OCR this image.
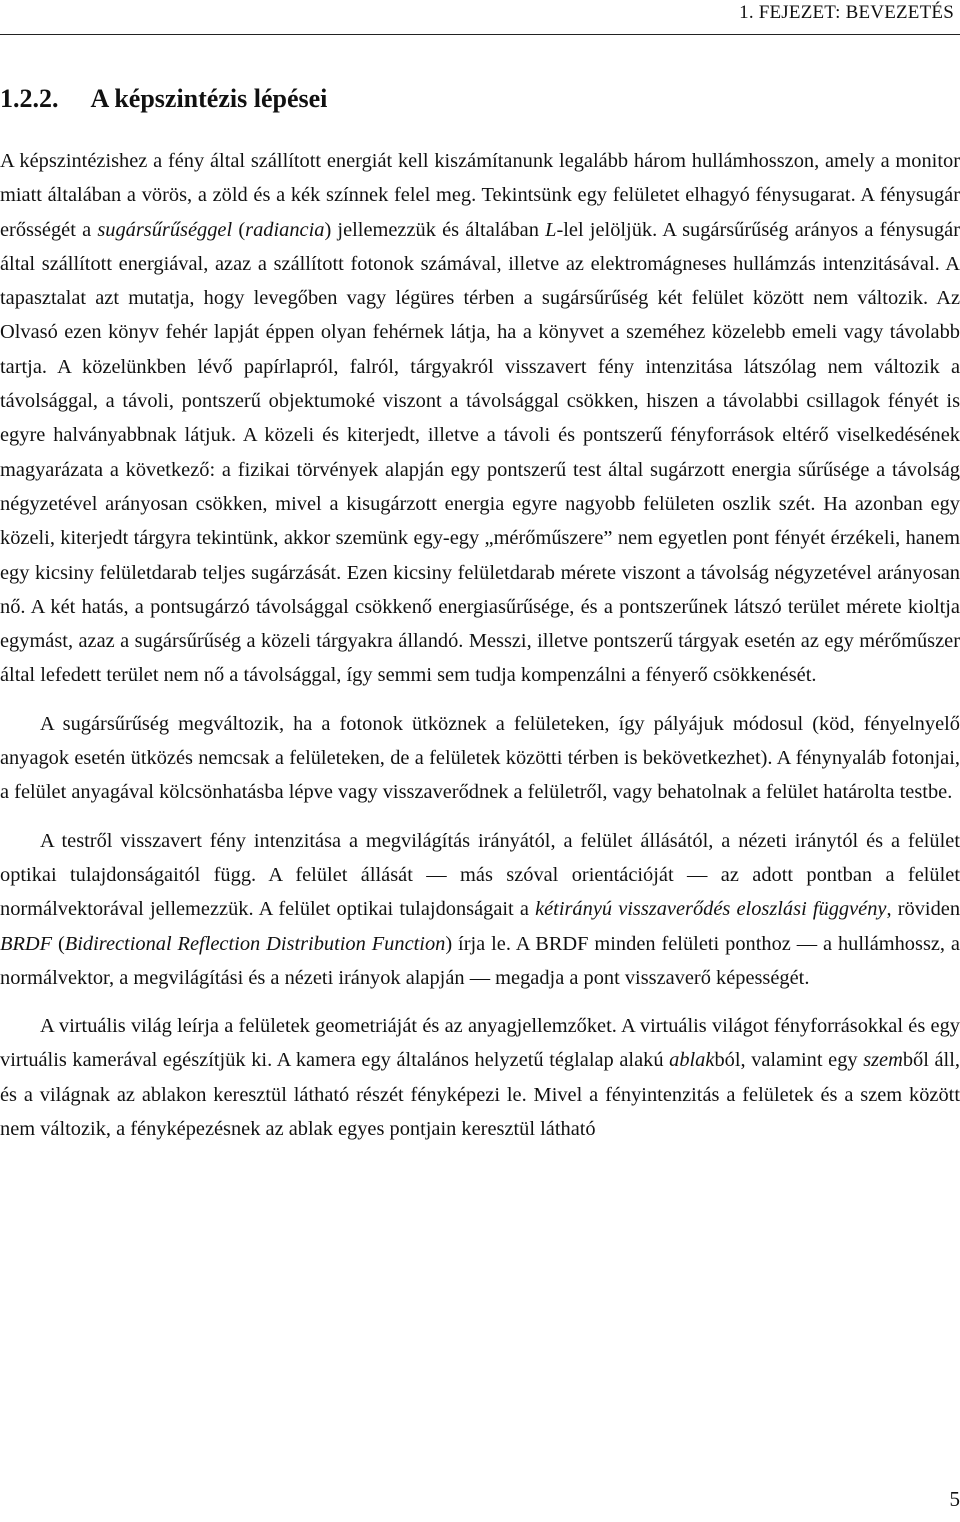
1. FEJEZET: BEVEZETÉS
1.2.2. A képszintézis lépései

A képszintézishez a fény által szállított energiát kell kiszámítanunk legalább három hullámhosszon, amely a monitor miatt általában a vörös, a zöld és a kék színnek felel meg. Tekintsünk egy felületet elhagyó fénysugarat. A fénysugár erősségét a sugársűrűséggel (radiancia) jellemezzük és általában L-lel jelöljük. A sugársűrűség arányos a fénysugár által szállított energiával, azaz a szállított fotonok számával, illetve az elektromágneses hullámzás intenzitásával. A tapasztalat azt mutatja, hogy levegőben vagy légüres térben a sugársűrűség két felület között nem változik. Az Olvasó ezen könyv fehér lapját éppen olyan fehérnek látja, ha a könyvet a szeméhez közelebb emeli vagy távolabb tartja. A közelünkben lévő papírlapról, falról, tárgyakról visszavert fény intenzitása látszólag nem változik a távolsággal, a távoli, pontszerű objektumoké viszont a távolsággal csökken, hiszen a távolabbi csillagok fényét is egyre halványabbnak látjuk. A közeli és kiterjedt, illetve a távoli és pontszerű fényforrások eltérő viselkedésének magyarázata a következő: a fizikai törvények alapján egy pontszerű test által sugárzott energia sűrűsége a távolság négyzetével arányosan csökken, mivel a kisugárzott energia egyre nagyobb felületen oszlik szét. Ha azonban egy közeli, kiterjedt tárgyra tekintünk, akkor szemünk egy-egy „mérőműszere” nem egyetlen pont fényét érzékeli, hanem egy kicsiny felületdarab teljes sugárzását. Ezen kicsiny felületdarab mérete viszont a távolság négyzetével arányosan nő. A két hatás, a pontsugárzó távolsággal csökkenő energiasűrűsége, és a pontszerűnek látszó terület mérete kioltja egymást, azaz a sugársűrűség a közeli tárgyakra állandó. Messzi, illetve pontszerű tárgyak esetén az egy mérőműszer által lefedett terület nem nő a távolsággal, így semmi sem tudja kompenzálni a fényerő csökkenését.

A sugársűrűség megváltozik, ha a fotonok ütköznek a felületeken, így pályájuk módosul (köd, fényelnyelő anyagok esetén ütközés nemcsak a felületeken, de a felületek közötti térben is bekövetkezhet). A fénynyaláb fotonjai, a felület anyagával kölcsönhatásba lépve vagy visszaverődnek a felületről, vagy behatolnak a felület határolta testbe.

A testről visszavert fény intenzitása a megvilágítás irányától, a felület állásától, a nézeti iránytól és a felület optikai tulajdonságaitól függ. A felület állását — más szóval orientációját — az adott pontban a felület normálvektorával jellemezzük. A felület optikai tulajdonságait a kétirányú visszaverődés eloszlási függvény, röviden BRDF (Bidirectional Reflection Distribution Function) írja le. A BRDF minden felületi ponthoz — a hullámhossz, a normálvektor, a megvilágítási és a nézeti irányok alapján — megadja a pont visszaverő képességét.

A virtuális világ leírja a felületek geometriáját és az anyagjellemzőket. A virtuális világot fényforrásokkal és egy virtuális kamerával egészítjük ki. A kamera egy általános helyzetű téglalap alakú ablakból, valamint egy szemből áll, és a világnak az ablakon keresztül látható részét fényképezi le. Mivel a fényintenzitás a felületek és a szem között nem változik, a fényképezésnek az ablak egyes pontjain keresztül látható

5
